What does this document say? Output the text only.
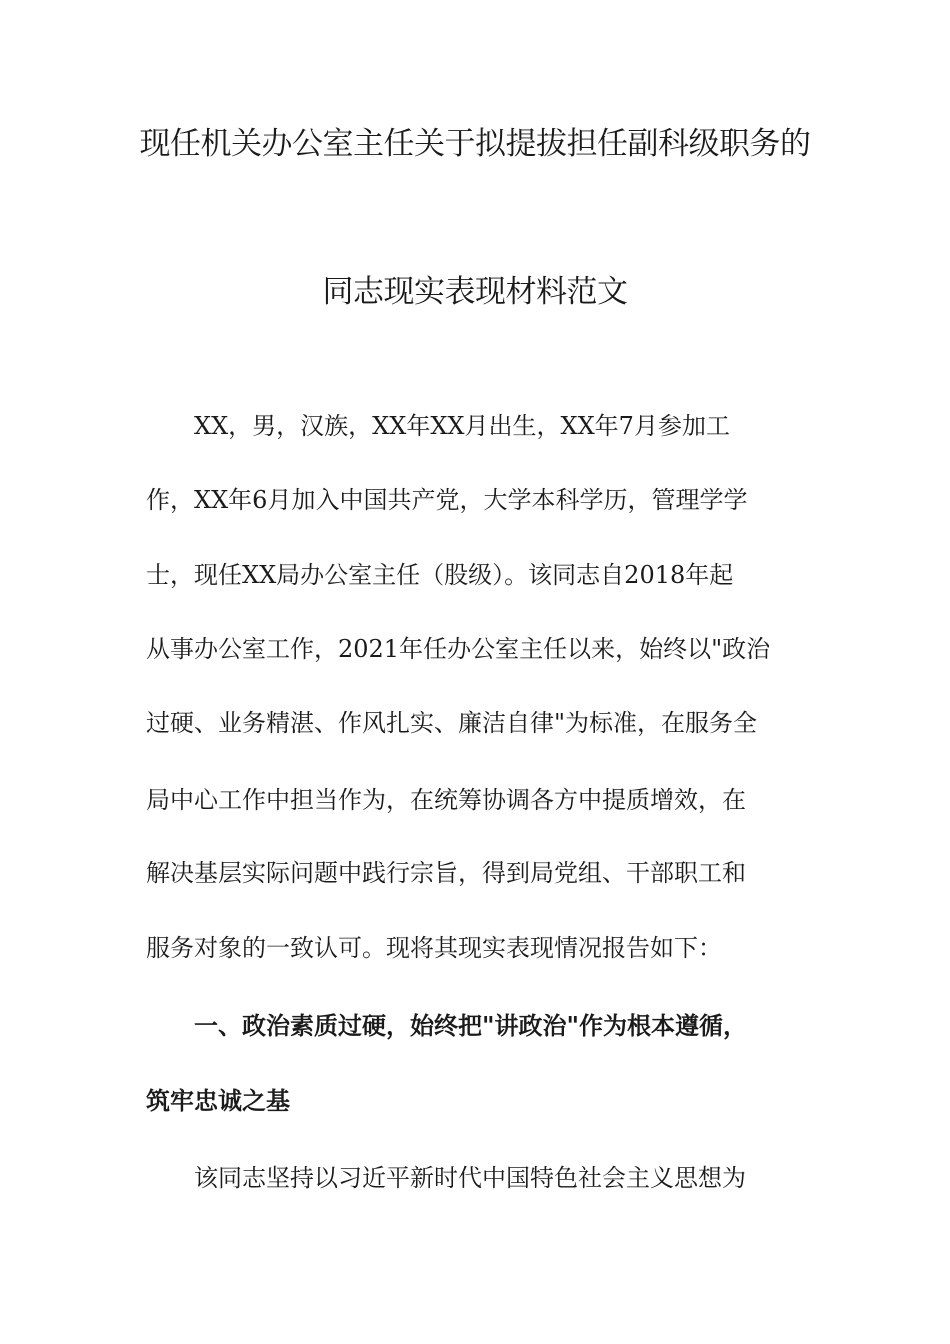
现任机关办公室主任关于拟提拔担任副科级职务的
同志现实表现材料范文
XX，男，汉族，XX年XX月出生，XX年7月参加工
作，XX年6月加入中国共产党，大学本科学历，管理学学
士，现任XX局办公室主任（股级）。该同志自2018年起
从事办公室工作，2021年任办公室主任以来，始终以"政治
过硬、业务精湛、作风扎实、廉洁自律"为标准，在服务全
局中心工作中担当作为，在统筹协调各方中提质增效，在
解决基层实际问题中践行宗旨，得到局党组、干部职工和
服务对象的一致认可。现将其现实表现情况报告如下：
一、政治素质过硬，始终把"讲政治"作为根本遵循，
筑牢忠诚之基
该同志坚持以习近平新时代中国特色社会主义思想为
